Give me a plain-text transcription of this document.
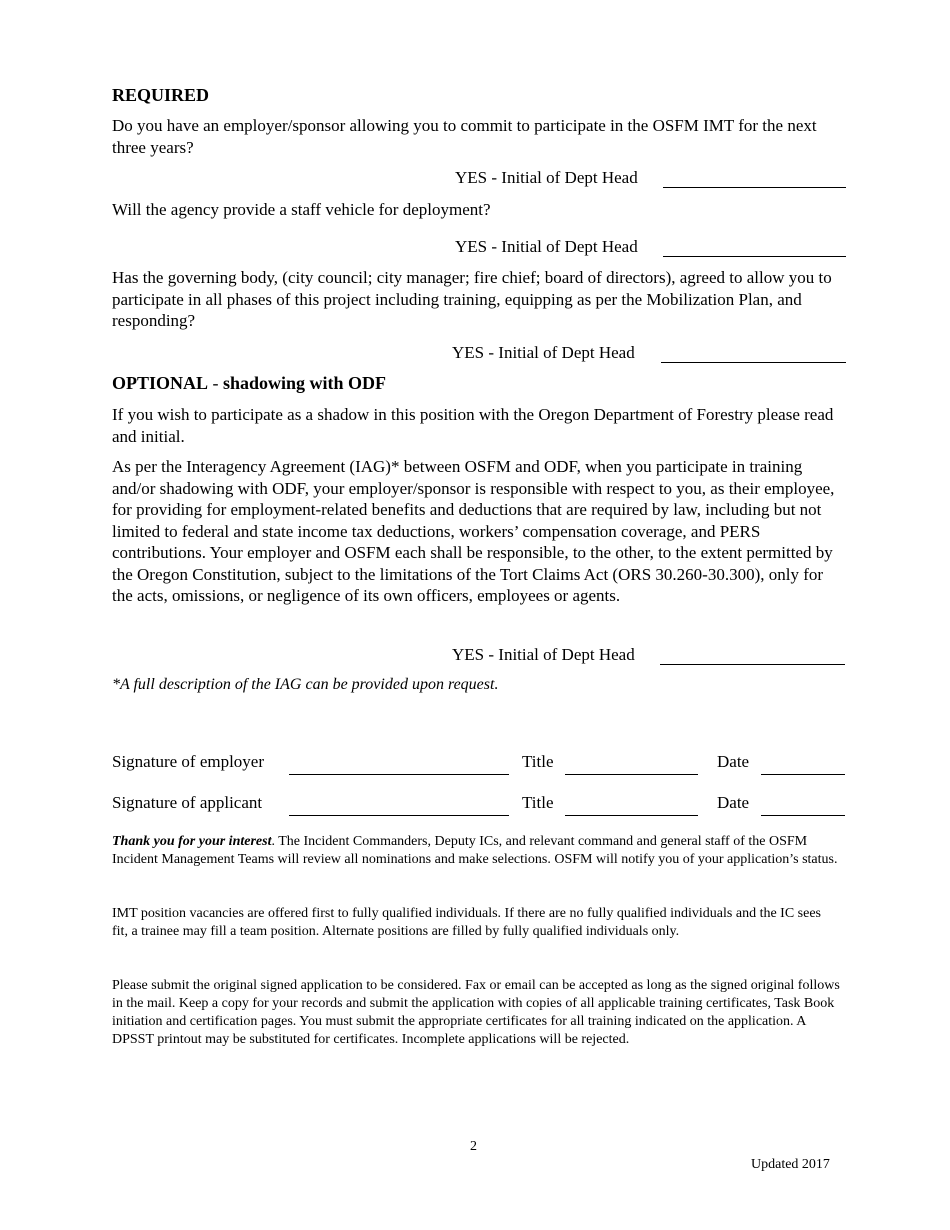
REQUIRED
Do you have an employer/sponsor allowing you to commit to participate in the OSFM IMT for the next three years?
YES - Initial of Dept Head
Will the agency provide a staff vehicle for deployment?
YES - Initial of Dept Head
Has the governing body, (city council; city manager; fire chief; board of directors), agreed to allow you to participate in all phases of this project including training, equipping as per the Mobilization Plan, and responding?
YES - Initial of Dept Head
OPTIONAL - shadowing with ODF
If you wish to participate as a shadow in this position with the Oregon Department of Forestry please read and initial.
As per the Interagency Agreement (IAG)* between OSFM and ODF, when you participate in training and/or shadowing with ODF, your employer/sponsor is responsible with respect to you, as their employee, for providing for employment-related benefits and deductions that are required by law, including but not limited to federal and state income tax deductions, workers’ compensation coverage, and PERS contributions. Your employer and OSFM each shall be responsible, to the other, to the extent permitted by the Oregon Constitution, subject to the limitations of the Tort Claims Act (ORS 30.260-30.300), only for the acts, omissions, or negligence of its own officers, employees or agents.
YES - Initial of Dept Head
*A full description of the IAG can be provided upon request.
Signature of employer	Title	Date
Signature of applicant	Title	Date
Thank you for your interest. The Incident Commanders, Deputy ICs, and relevant command and general staff of the OSFM Incident Management Teams will review all nominations and make selections. OSFM will notify you of your application’s status.
IMT position vacancies are offered first to fully qualified individuals. If there are no fully qualified individuals and the IC sees fit, a trainee may fill a team position. Alternate positions are filled by fully qualified individuals only.
Please submit the original signed application to be considered. Fax or email can be accepted as long as the signed original follows in the mail. Keep a copy for your records and submit the application with copies of all applicable training certificates, Task Book initiation and certification pages. You must submit the appropriate certificates for all training indicated on the application. A DPSST printout may be substituted for certificates. Incomplete applications will be rejected.
2
Updated 2017
